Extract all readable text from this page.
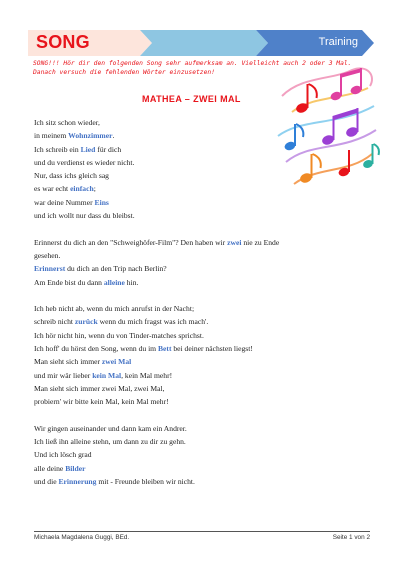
SONG	Training
SONG!!! Hör dir den folgenden Song sehr aufmerksam an. Vielleicht auch 2 oder 3 Mal. Danach versuch die fehlenden Wörter einzusetzen!
MATHEA – ZWEI MAL
Ich sitz schon wieder,
in meinem Wohnzimmer.
Ich schreib ein Lied für dich
und du verdienst es wieder nicht.
Nur, dass ichs gleich sag
es war echt einfach;
war deine Nummer Eins
und ich wollt nur dass du bleibst.
Erinnerst du dich an den "Schweighöfer-Film"? Den haben wir zwei nie zu Ende
gesehen.
Erinnerst du dich an den Trip nach Berlin?
Am Ende bist du dann alleine hin.
Ich heb nicht ab, wenn du mich anrufst in der Nacht;
schreib nicht zurück wenn du mich fragst was ich mach'.
Ich hör nicht hin, wenn du von Tinder-matches sprichst.
Ich hoff' du hörst den Song, wenn du im Bett bei deiner nächsten liegst!
Man sieht sich immer zwei Mal
und mir wär lieber kein Mal, kein Mal mehr!
Man sieht sich immer zwei Mal, zwei Mal,
probiern' wir bitte kein Mal, kein Mal mehr!
Wir gingen auseinander und dann kam ein Andrer.
Ich ließ ihn alleine stehn, um dann zu dir zu gehn.
Und ich lösch grad
alle deine Bilder
und die Erinnerung mit - Freunde bleiben wir nicht.
Michaela Magdalena Guggi, BEd.	Seite 1 von 2
